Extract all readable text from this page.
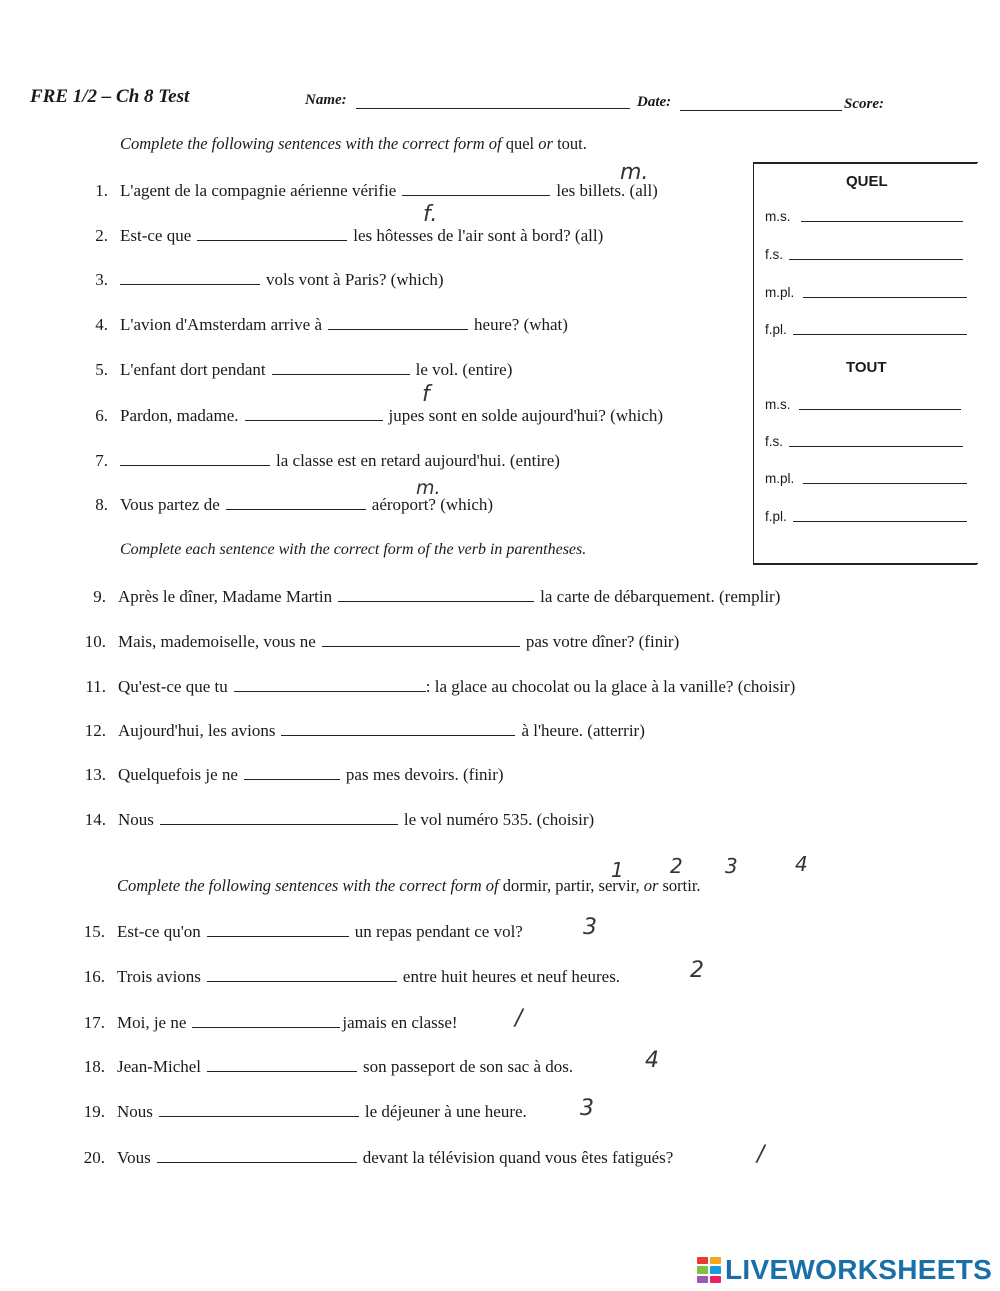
FRE 1/2 – Ch 8 Test	Name:	Date:	Score:
Complete the following sentences with the correct form of quel or tout.
1. L'agent de la compagnie aérienne vérifie	les billets. (all)
2. Est-ce que	les hôtesses de l'air sont à bord? (all)
3.	vols vont à Paris? (which)
4. L'avion d'Amsterdam arrive à	heure? (what)
5. L'enfant dort pendant	le vol. (entire)
6. Pardon, madame.	jupes sont en solde aujourd'hui? (which)
7.	la classe est en retard aujourd'hui. (entire)
8. Vous partez de	aéroport? (which)
m.
f.
f
m.
QUEL
m.s.
f.s.
m.pl.
f.pl.
TOUT
m.s.
f.s.
m.pl.
f.pl.
Complete each sentence with the correct form of the verb in parentheses.
9. Après le dîner, Madame Martin	la carte de débarquement. (remplir)
10. Mais, mademoiselle, vous ne	pas votre dîner? (finir)
11. Qu'est-ce que tu	: la glace au chocolat ou la glace à la vanille? (choisir)
12. Aujourd'hui, les avions	à l'heure. (atterrir)
13. Quelquefois je ne	pas mes devoirs. (finir)
14. Nous	le vol numéro 535. (choisir)
1 2 3	4
Complete the following sentences with the correct form of dormir, partir, servir, or sortir.
15. Est-ce qu'on	un repas pendant ce vol?
16. Trois avions	entre huit heures et neuf heures.
17. Moi, je ne	jamais en classe!
18. Jean-Michel	son passeport de son sac à dos.
19. Nous	le déjeuner à une heure.
20. Vous	devant la télévision quand vous êtes fatigués?
3
2
/
4
3
/
LIVEWORKSHEETS
